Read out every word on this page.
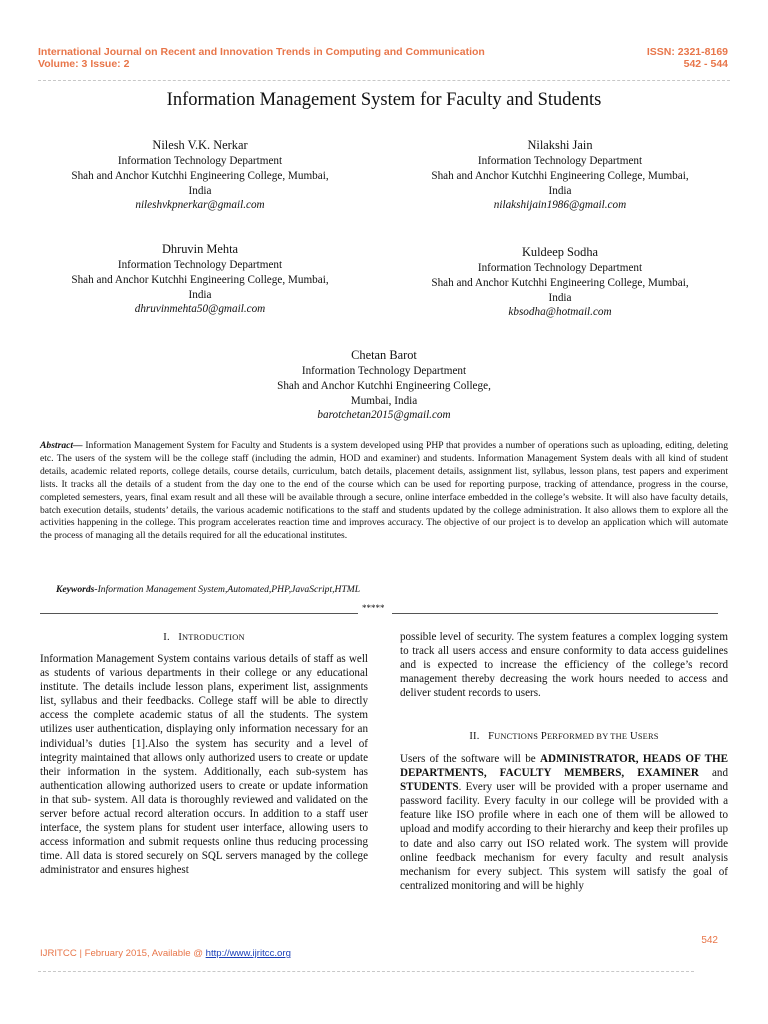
International Journal on Recent and Innovation Trends in Computing and Communication
Volume: 3 Issue: 2
ISSN: 2321-8169
542 - 544
Information Management System for Faculty and Students
Nilesh V.K. Nerkar
Information Technology Department
Shah and Anchor Kutchhi Engineering College, Mumbai,
India
nileshvkpnerkar@gmail.com
Nilakshi Jain
Information Technology Department
Shah and Anchor Kutchhi Engineering College, Mumbai,
India
nilakshijain1986@gmail.com
Dhruvin Mehta
Information Technology Department
Shah and Anchor Kutchhi Engineering College, Mumbai,
India
dhruvinmehta50@gmail.com
Kuldeep Sodha
Information Technology Department
Shah and Anchor Kutchhi Engineering College, Mumbai,
India
kbsodha@hotmail.com
Chetan Barot
Information Technology Department
Shah and Anchor Kutchhi Engineering College,
Mumbai, India
barotchetan2015@gmail.com
Abstract— Information Management System for Faculty and Students is a system developed using PHP that provides a number of operations such as uploading, editing, deleting etc. The users of the system will be the college staff (including the admin, HOD and examiner) and students. Information Management System deals with all kind of student details, academic related reports, college details, course details, curriculum, batch details, placement details, assignment list, syllabus, lesson plans, test papers and experiment lists. It tracks all the details of a student from the day one to the end of the course which can be used for reporting purpose, tracking of attendance, progress in the course, completed semesters, years, final exam result and all these will be available through a secure, online interface embedded in the college’s website. It will also have faculty details, batch execution details, students’ details, the various academic notifications to the staff and students updated by the college administration. It also allows them to explore all the activities happening in the college. This program accelerates reaction time and improves accuracy. The objective of our project is to develop an application which will automate the process of managing all the details required for all the educational institutes.
Keywords-Information Management System,Automated,PHP,JavaScript,HTML
*****
I. INTRODUCTION

Information Management System contains various details of staff as well as students of various departments in their college or any educational institute. The details include lesson plans, experiment list, assignments list, syllabus and their feedbacks. College staff will be able to directly access the complete academic status of all the students. The system utilizes user authentication, displaying only information necessary for an individual’s duties [1].Also the system has security and a level of integrity maintained that allows only authorized users to create or update their information in the system. Additionally, each sub-system has authentication allowing authorized users to create or update information in that sub- system. All data is thoroughly reviewed and validated on the server before actual record alteration occurs. In addition to a staff user interface, the system plans for student user interface, allowing users to access information and submit requests online thus reducing processing time. All data is stored securely on SQL servers managed by the college administrator and ensures highest

possible level of security. The system features a complex logging system to track all users access and ensure conformity to data access guidelines and is expected to increase the efficiency of the college’s record management thereby decreasing the work hours needed to access and deliver student records to users.

II. FUNCTIONS PERFORMED BY THE USERS

Users of the software will be ADMINISTRATOR, HEADS OF THE DEPARTMENTS, FACULTY MEMBERS, EXAMINER and STUDENTS. Every user will be provided with a proper username and password facility. Every faculty in our college will be provided with a feature like ISO profile where in each one of them will be allowed to upload and modify according to their hierarchy and keep their profiles up to date and also carry out ISO related work. The system will provide online feedback mechanism for every faculty and result analysis mechanism for every subject. This system will satisfy the goal of centralized monitoring and will be highly

542
IJRITCC | February 2015, Available @ http://www.ijritcc.org
